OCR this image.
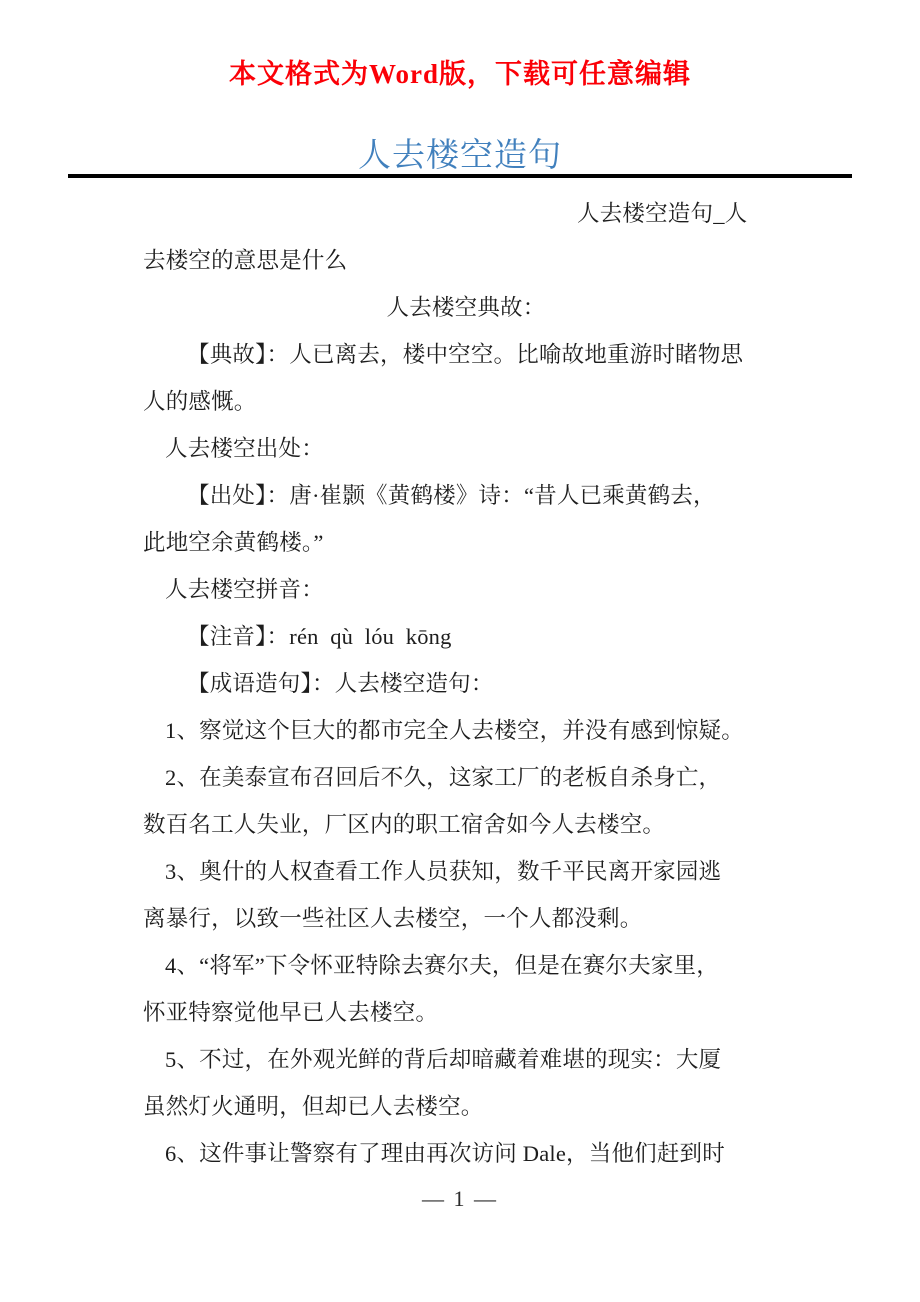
本文格式为Word版，下载可任意编辑
人去楼空造句
人去楼空造句_人
去楼空的意思是什么
人去楼空典故：
【典故】：人已离去，楼中空空。比喻故地重游时睹物思
人的感慨。
人去楼空出处：
【出处】：唐·崔颢《黄鹤楼》诗：“昔人已乘黄鹤去，
此地空余黄鹤楼。”
人去楼空拼音：
【注音】：rén  qù  lóu  kōng
【成语造句】：人去楼空造句：
1、察觉这个巨大的都市完全人去楼空，并没有感到惊疑。
2、在美泰宣布召回后不久，这家工厂的老板自杀身亡，
数百名工人失业，厂区内的职工宿舍如今人去楼空。
3、奥什的人权查看工作人员获知，数千平民离开家园逃
离暴行，以致一些社区人去楼空，一个人都没剩。
4、“将军”下令怀亚特除去赛尔夫，但是在赛尔夫家里，
怀亚特察觉他早已人去楼空。
5、不过，在外观光鲜的背后却暗藏着难堪的现实：大厦
虽然灯火通明，但却已人去楼空。
6、这件事让警察有了理由再次访问 Dale，当他们赶到时
— 1 —
